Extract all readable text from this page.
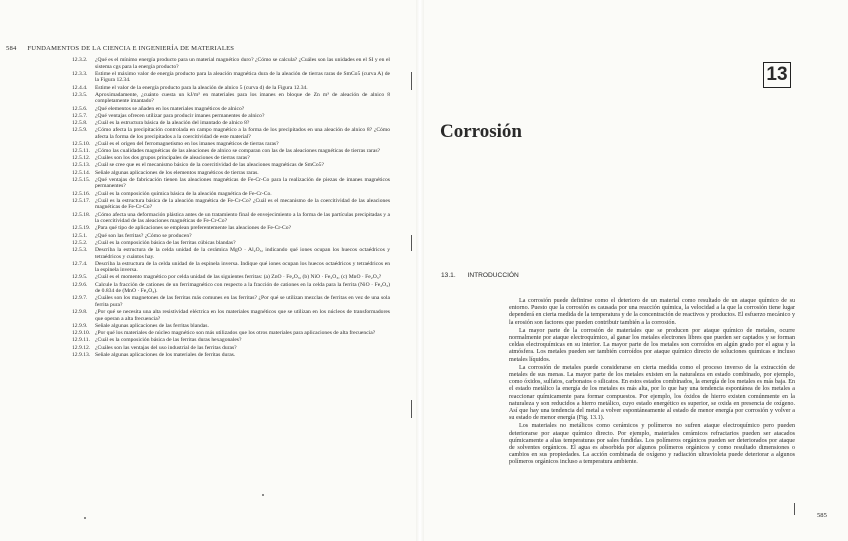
584 FUNDAMENTOS DE LA CIENCIA E INGENIERÍA DE MATERIALES
12.3.2.	¿Qué es el mínimo energía producto para un material magnético duro? ¿Cómo se calcula? ¿Cuáles son las unidades en el SI y en el sistema cgs para la energía producto?
12.3.3.	Estime el máximo valor de energía producto para la aleación magnética dura de la aleación de tierras raras de SmCo5 (curva A) de la Figura 12.34.
12.4.4.	Estime el valor de la energía producto para la aleación de alnico 5 (curva d) de la Figura 12.34.
12.3.5.	Aproximadamente, ¿cuánto cuesta un kJ/m³ en materiales para los imanes en bloque de Zn m³ de aleación de alnico 8 completamente imantado?
12.5.6.	¿Qué elementos se añaden en los materiales magnéticos de alnico?
12.5.7.	¿Qué ventajas ofrecen utilizar para producir imanes permanentes de alnico?
12.5.8.	¿Cuál es la estructura básica de la aleación del imantado de alnico 8?
12.5.9.	¿Cómo afecta la precipitación controlada en campo magnético a la forma de los precipitados en una aleación de alnico 8? ¿Cómo afecta la forma de los precipitados a la coercitividad de este material?
12.5.10. ¿Cuál es el origen del ferromagnetismo en los imanes magnéticos de tierras raras?
12.5.11. ¿Cómo las cualidades magnéticas de las aleaciones de alnico se comparan con las de las aleaciones magnéticas de tierras raras?
12.5.12. ¿Cuáles son los dos grupos principales de aleaciones de tierras raras?
12.5.13. ¿Cuál se cree que es el mecanismo básico de la coercitividad de las aleaciones magnéticas de SmCo5?
12.5.14. Señale algunas aplicaciones de los elementos magnéticos de tierras raras.
12.5.15. ¿Qué ventajas de fabricación tienen las aleaciones magnéticas de Fe-Cr-Co para la realización de piezas de imanes magnéticos permanentes?
12.5.16. ¿Cuál es la composición química básica de la aleación magnética de Fe-Cr-Co.
12.5.17. ¿Cuál es la estructura básica de la aleación magnética de Fe-Cr-Co? ¿Cuál es el mecanismo de la coercitividad de las aleaciones magnéticas de Fe-Cr-Co?
12.5.18. ¿Cómo afecta una deformación plástica antes de un tratamiento final de envejecimiento a la forma de las partículas precipitadas y a la coercitividad de las aleaciones magnéticas de Fe-Cr-Co?
12.5.19. ¿Para qué tipo de aplicaciones se emplean preferentemente las aleaciones de Fe-Cr-Co?
12.5.1.	¿Qué son las ferritas? ¿Cómo se producen?
12.5.2.	¿Cuál es la composición básica de las ferritas cúbicas blandas?
12.5.3.	Describa la estructura de la celda unidad de la cerámica MgO · Al₂O₃, indicando qué iones ocupan los huecos octaédricos y tetraédricos y cuántos hay.
12.7.4.	Describa la estructura de la celda unidad de la espinela inversa. Indique qué iones ocupan los huecos octaédricos y tetraédricos en la espinela inversa.
12.9.5.	¿Cuál es el momento magnético por celda unidad de las siguientes ferritas: (a) ZnO · Fe₂O₃, (b) NiO · Fe₂O₃, (c) MnO · Fe₂O₃?
12.9.6.	Calcule la fracción de cationes de un ferrimagnético con respecto a la fracción de cationes en la celda para la ferrita (NiO · Fe₂O₃) de 0.834 de (MnO · Fe₂O₃).
12.9.7.	¿Cuáles son los magnetones de las ferritas más comunes en las ferritas? ¿Por qué se utilizan mezclas de ferritas en vez de una sola ferrita pura?
12.9.8.	¿Por qué se necesita una alta resistividad eléctrica en los materiales magnéticos que se utilizan en los núcleos de transformadores que operan a alta frecuencia?
12.9.9.	Señale algunas aplicaciones de las ferritas blandas.
12.9.10. ¿Por qué los materiales de núcleo magnético son más utilizados que los otros materiales para aplicaciones de alta frecuencia?
12.9.11. ¿Cuál es la composición básica de las ferritas duras hexagonales?
12.9.12. ¿Cuáles son las ventajas del uso industrial de las ferritas duras?
12.9.13. Señale algunas aplicaciones de los materiales de ferritas duras.
13
Corrosión
13.1. INTRODUCCIÓN

La corrosión puede definirse como el deterioro de un material como resultado de un ataque químico de su entorno. Puesto que la corrosión es causada por una reacción química, la velocidad a la que la corrosión tiene lugar dependerá en cierta medida de la temperatura y de la concentración de reactivos y productos. El esfuerzo mecánico y la erosión son factores que pueden contribuir también a la corrosión.

La mayor parte de la corrosión de materiales que se producen por ataque químico de metales, ocurre normalmente por ataque electroquímico, al ganar los metales electrones libres que pueden ser captados y se forman celdas electroquímicas en su interior. La mayor parte de los metales son corroídos en algún grado por el agua y la atmósfera. Los metales pueden ser también corroídos por ataque químico directo de soluciones químicas e incluso metales líquidos.

La corrosión de metales puede considerarse en cierta medida como el proceso inverso de la extracción de metales de sus menas. La mayor parte de los metales existen en la naturaleza en estado combinado, por ejemplo, como óxidos, sulfatos, carbonatos o silicatos. En estos estados combinados, la energía de los metales es más baja. En el estado metálico la energía de los metales es más alta, por lo que hay una tendencia espontánea de los metales a reaccionar químicamente para formar compuestos. Por ejemplo, los óxidos de hierro existen comúnmente en la naturaleza y son reducidos a hierro metálico, cuyo estado energético es superior, se oxida en presencia de oxígeno. Así que hay una tendencia del metal a volver espontáneamente al estado de menor energía por corrosión y volver a su estado de menor energía (Fig. 13.1).

Los materiales no metálicos como cerámicos y polímeros no sufren ataque electroquímico pero pueden deteriorarse por ataque químico directo. Por ejemplo, materiales cerámicos refractarios pueden ser atacados químicamente a altas temperaturas por sales fundidas. Los polímeros orgánicos pueden ser deteriorados por ataque de solventes orgánicos. El agua es absorbida por algunos polímeros orgánicos y como resultado dimensiones o cambios en sus propiedades. La acción combinada de oxígeno y radiación ultravioleta puede deteriorar a algunos polímeros orgánicos incluso a temperatura ambiente.

585
